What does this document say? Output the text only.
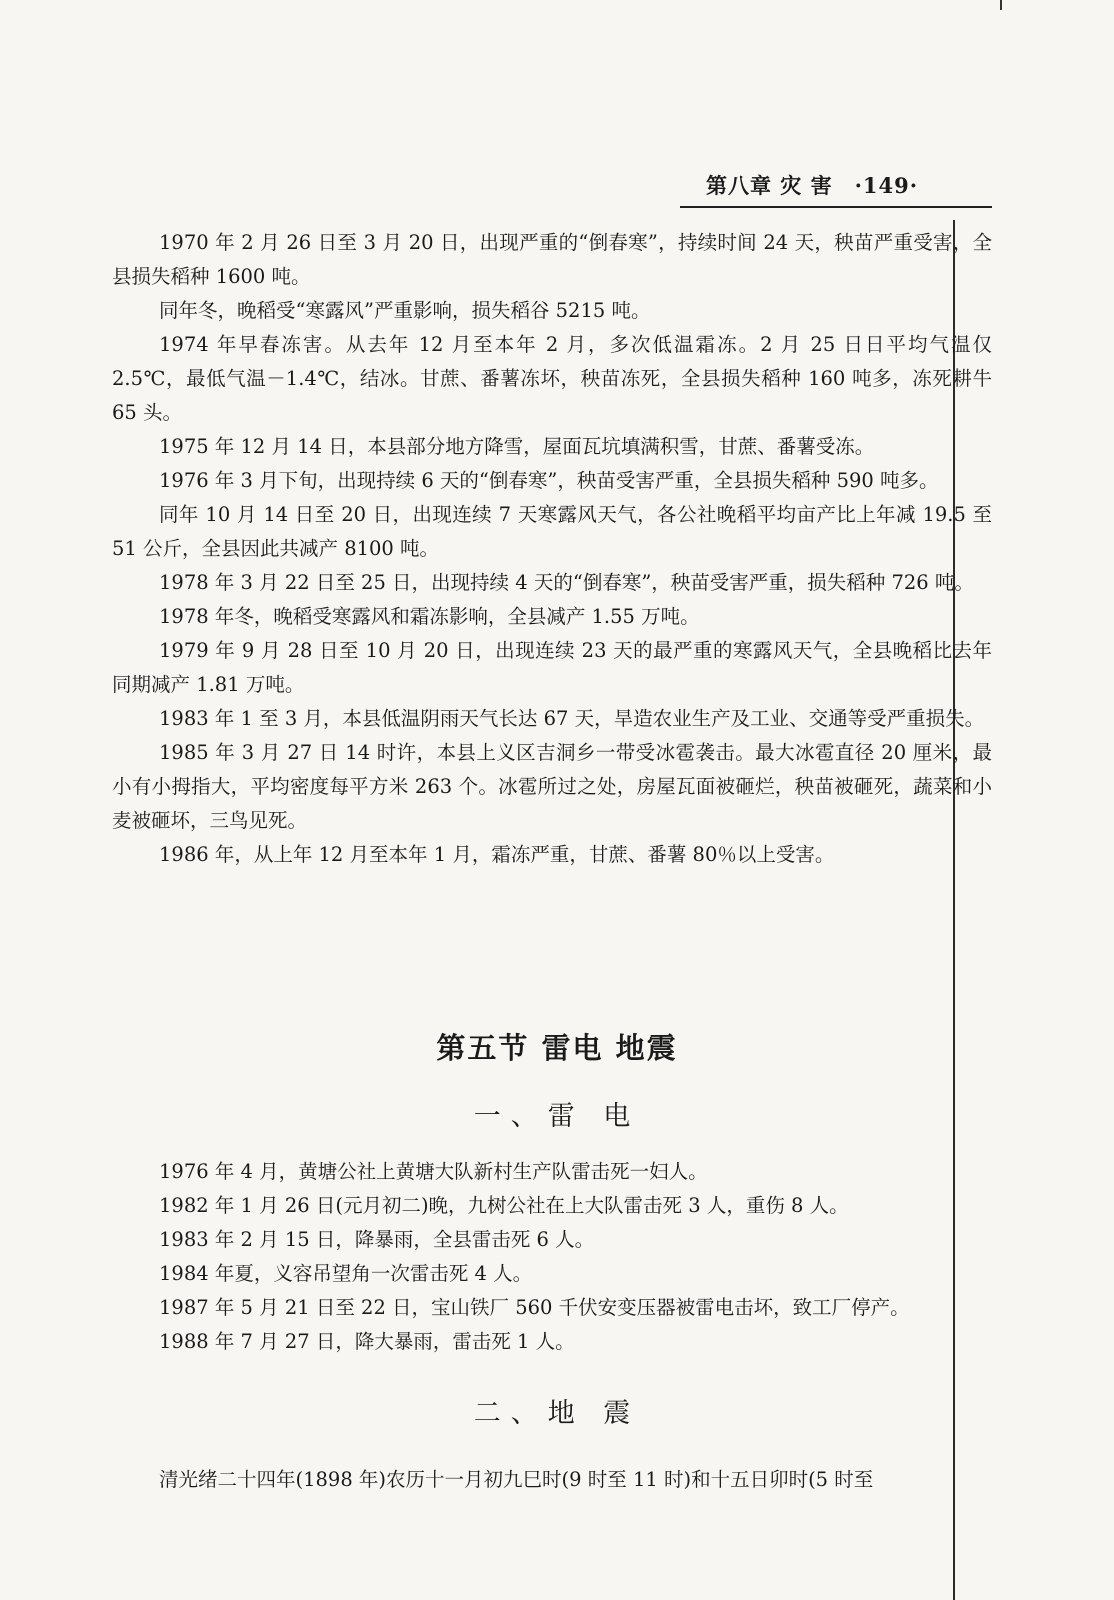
第八章 灾 害 ·149·

1970 年 2 月 26 日至 3 月 20 日，出现严重的“倒春寒”，持续时间 24 天，秧苗严重受害，全县损失稻种 1600 吨。

同年冬，晚稻受“寒露风”严重影响，损失稻谷 5215 吨。

1974 年早春冻害。从去年 12 月至本年 2 月，多次低温霜冻。2 月 25 日日平均气温仅 2.5℃，最低气温－1.4℃，结冰。甘蔗、番薯冻坏，秧苗冻死，全县损失稻种 160 吨多，冻死耕牛 65 头。

1975 年 12 月 14 日，本县部分地方降雪，屋面瓦坑填满积雪，甘蔗、番薯受冻。

1976 年 3 月下旬，出现持续 6 天的“倒春寒”，秧苗受害严重，全县损失稻种 590 吨多。

同年 10 月 14 日至 20 日，出现连续 7 天寒露风天气，各公社晚稻平均亩产比上年减 19.5 至 51 公斤，全县因此共减产 8100 吨。

1978 年 3 月 22 日至 25 日，出现持续 4 天的“倒春寒”，秧苗受害严重，损失稻种 726 吨。

1978 年冬，晚稻受寒露风和霜冻影响，全县减产 1.55 万吨。

1979 年 9 月 28 日至 10 月 20 日，出现连续 23 天的最严重的寒露风天气，全县晚稻比去年同期减产 1.81 万吨。

1983 年 1 至 3 月，本县低温阴雨天气长达 67 天，旱造农业生产及工业、交通等受严重损失。

1985 年 3 月 27 日 14 时许，本县上义区吉洞乡一带受冰雹袭击。最大冰雹直径 20 厘米，最小有小拇指大，平均密度每平方米 263 个。冰雹所过之处，房屋瓦面被砸烂，秧苗被砸死，蔬菜和小麦被砸坏，三鸟见死。

1986 年，从上年 12 月至本年 1 月，霜冻严重，甘蔗、番薯 80％以上受害。

第五节 雷电 地震
一、雷 电

1976 年 4 月，黄塘公社上黄塘大队新村生产队雷击死一妇人。

1982 年 1 月 26 日(元月初二)晚，九树公社在上大队雷击死 3 人，重伤 8 人。

1983 年 2 月 15 日，降暴雨，全县雷击死 6 人。

1984 年夏，义容吊望角一次雷击死 4 人。

1987 年 5 月 21 日至 22 日，宝山铁厂 560 千伏安变压器被雷电击坏，致工厂停产。

1988 年 7 月 27 日，降大暴雨，雷击死 1 人。

二、地 震
清光绪二十四年(1898 年)农历十一月初九巳时(9 时至 11 时)和十五日卯时(5 时至
